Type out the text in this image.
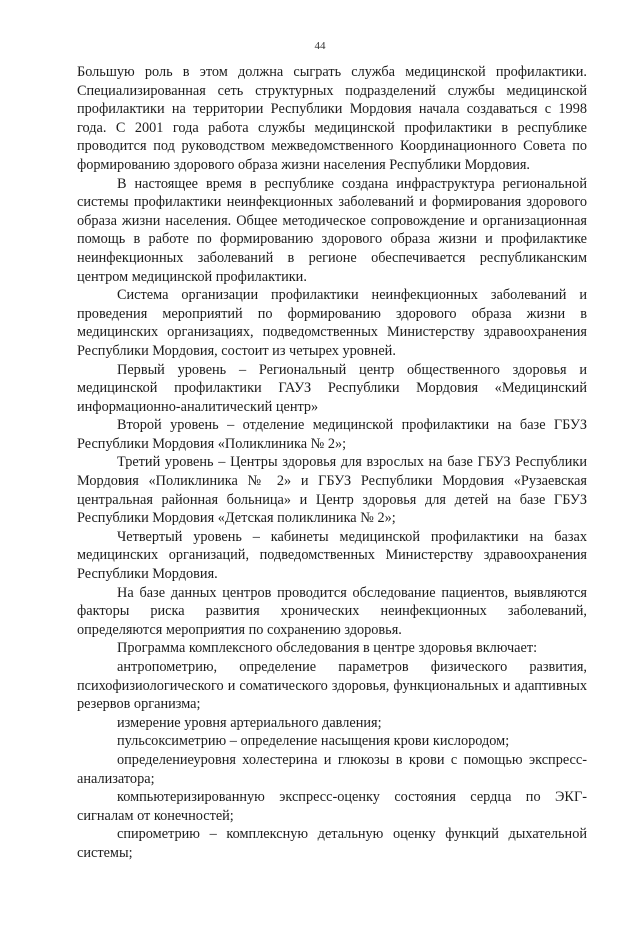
44

Большую роль в этом должна сыграть служба медицинской профилактики. Специализированная сеть структурных подразделений службы медицинской профилактики на территории Республики Мордовия начала создаваться с 1998 года. С 2001 года работа службы медицинской профилактики в республике проводится под руководством межведомственного Координационного Совета по формированию здорового образа жизни населения Республики Мордовия.

В настоящее время в республике создана инфраструктура региональной системы профилактики неинфекционных заболеваний и формирования здорового образа жизни населения. Общее методическое сопровождение и организационная помощь в работе по формированию здорового образа жизни и профилактике неинфекционных заболеваний в регионе обеспечивается республиканским центром медицинской профилактики.

Система организации профилактики неинфекционных заболеваний и проведения мероприятий по формированию здорового образа жизни в медицинских организациях, подведомственных Министерству здравоохранения Республики Мордовия, состоит из четырех уровней.

Первый уровень – Региональный центр общественного здоровья и медицинской профилактики ГАУЗ Республики Мордовия «Медицинский информационно-аналитический центр»

Второй уровень – отделение медицинской профилактики на базе ГБУЗ Республики Мордовия «Поликлиника № 2»;

Третий уровень – Центры здоровья для взрослых на базе ГБУЗ Республики Мордовия «Поликлиника № 2» и ГБУЗ Республики Мордовия «Рузаевская центральная районная больница» и Центр здоровья для детей на базе ГБУЗ Республики Мордовия «Детская поликлиника № 2»;

Четвертый уровень – кабинеты медицинской профилактики на базах медицинских организаций, подведомственных Министерству здравоохранения Республики Мордовия.

На базе данных центров проводится обследование пациентов, выявляются факторы риска развития хронических неинфекционных заболеваний, определяются мероприятия по сохранению здоровья.

Программа комплексного обследования в центре здоровья включает:

антропометрию, определение параметров физического развития, психофизиологического и соматического здоровья, функциональных и адаптивных резервов организма;

измерение уровня артериального давления;

пульсоксиметрию – определение насыщения крови кислородом;

определениеуровня холестерина и глюкозы в крови с помощью экспресс-анализатора;

компьютеризированную экспресс-оценку состояния сердца по ЭКГ-сигналам от конечностей;

спирометрию – комплексную детальную оценку функций дыхательной системы;
